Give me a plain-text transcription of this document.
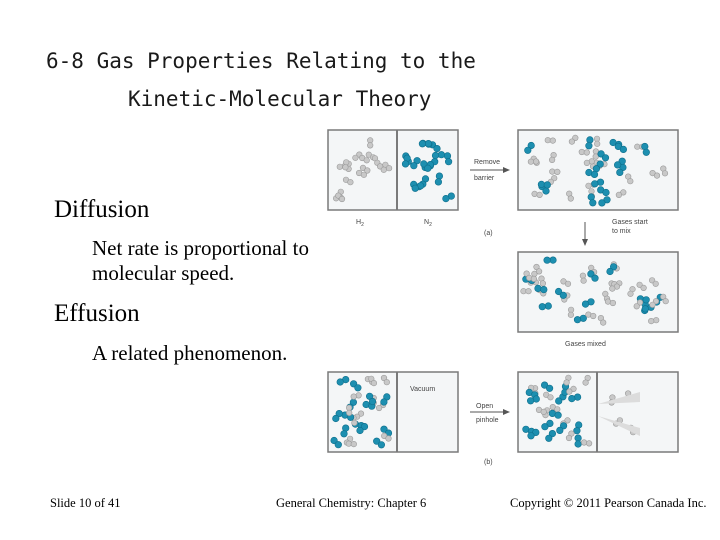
6-8 Gas Properties Relating to the
Kinetic-Molecular Theory
Diffusion
Net rate is proportional to
molecular speed.
Effusion
A related phenomenon.
$H_2$	$N_2$
Remove
barrier
Gases start
to mix
(a)
Gases mixed
Vacuum
Open
pinhole
(b)
Slide 10 of 41	General Chemistry: Chapter 6	Copyright © 2011 Pearson Canada Inc.
